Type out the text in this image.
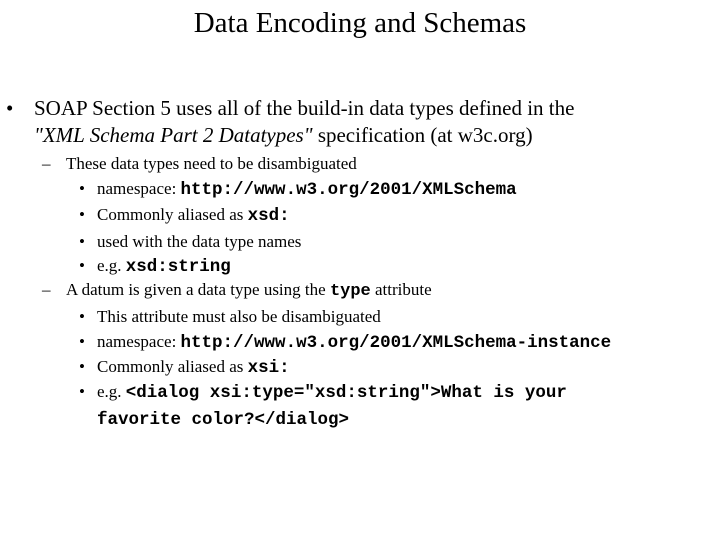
Data Encoding and Schemas
• SOAP Section 5 uses all of the build-in data types defined in the
"XML Schema Part 2 Datatypes" specification (at w3c.org)
– These data types need to be disambiguated
• namespace: http://www.w3.org/2001/XMLSchema
• Commonly aliased as xsd:
• used with the data type names
• e.g. xsd:string
– A datum is given a data type using the type attribute
• This attribute must also be disambiguated
• namespace: http://www.w3.org/2001/XMLSchema-instance
• Commonly aliased as xsi:
• e.g. <dialog xsi:type="xsd:string">What is your
favorite color?</dialog>
